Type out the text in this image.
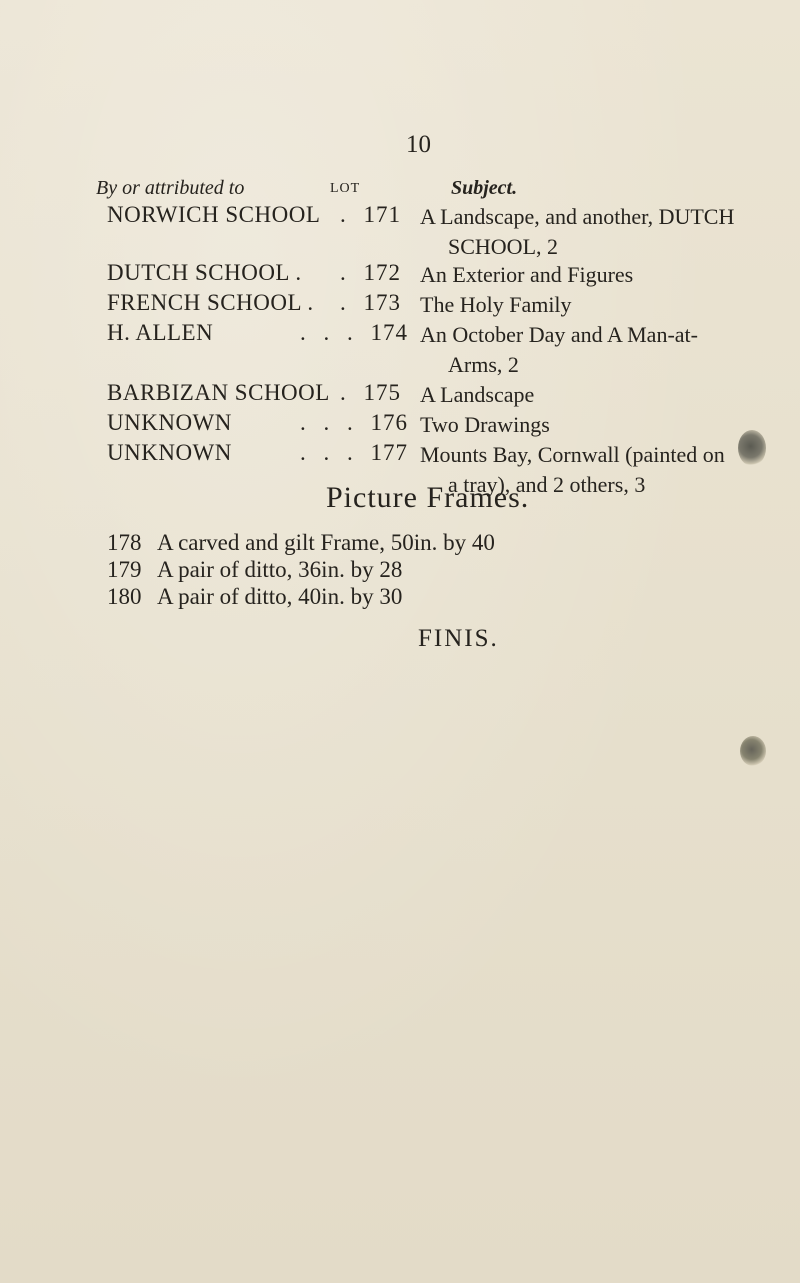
10
By or attributed to	LOT	Subject.
NORWICH SCHOOL . 171 A Landscape, and another, DUTCH
SCHOOL, 2
DUTCH SCHOOL . . 172 An Exterior and Figures
FRENCH SCHOOL . . 173 The Holy Family
H. ALLEN	. . . 174 An October Day and A Man-at-
Arms, 2
BARBIZAN SCHOOL . 175 A Landscape
UNKNOWN	. . . 176 Two Drawings
UNKNOWN	. . . 177 Mounts Bay, Cornwall (painted on
a tray), and 2 others, 3
Picture Frames.
178 A carved and gilt Frame, 50in. by 40
179 A pair of ditto, 36in. by 28
180 A pair of ditto, 40in. by 30
FINIS.
